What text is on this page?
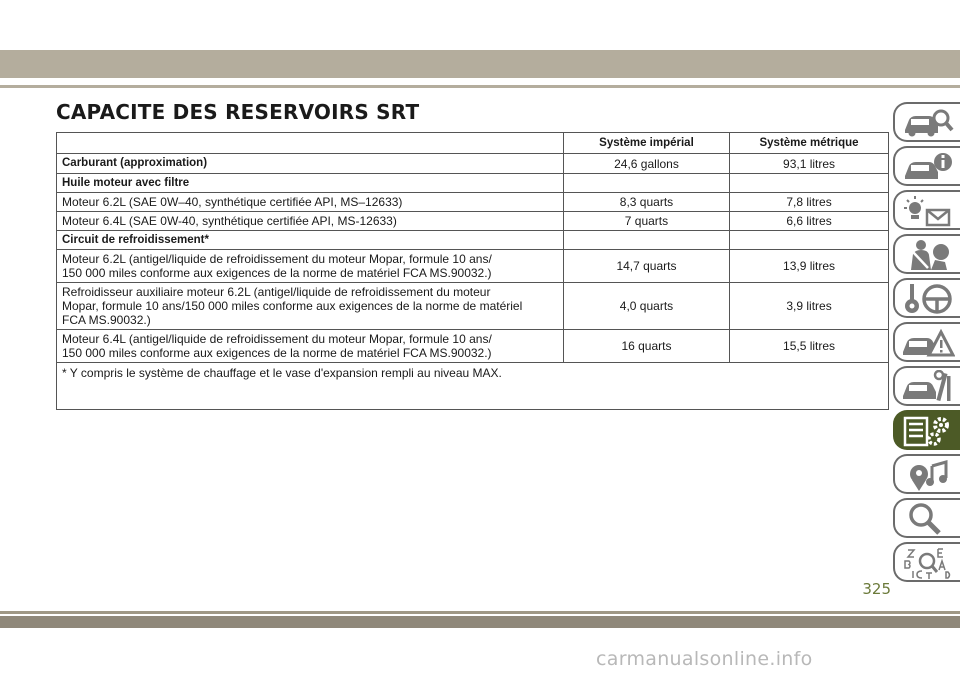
CAPACITE DES RESERVOIRS SRT
	Système impérial	Système métrique
Carburant (approximation)	24,6 gallons	93,1 litres
Huile moteur avec filtre		
Moteur 6.2L (SAE 0W–40, synthétique certifiée API, MS–12633)	8,3 quarts	7,8 litres
Moteur 6.4L (SAE 0W-40, synthétique certifiée API, MS-12633)	7 quarts	6,6 litres
Circuit de refroidissement*		
Moteur 6.2L (antigel/liquide de refroidissement du moteur Mopar, formule 10 ans/
150 000 miles conforme aux exigences de la norme de matériel FCA MS.90032.)	14,7 quarts	13,9 litres
Refroidisseur auxiliaire moteur 6.2L (antigel/liquide de refroidissement du moteur
Mopar, formule 10 ans/150 000 miles conforme aux exigences de la norme de matériel
FCA MS.90032.)	4,0 quarts	3,9 litres
Moteur 6.4L (antigel/liquide de refroidissement du moteur Mopar, formule 10 ans/
150 000 miles conforme aux exigences de la norme de matériel FCA MS.90032.)	16 quarts	15,5 litres
* Y compris le système de chauffage et le vase d'expansion rempli au niveau MAX.		
325
carmanualsonline.info
